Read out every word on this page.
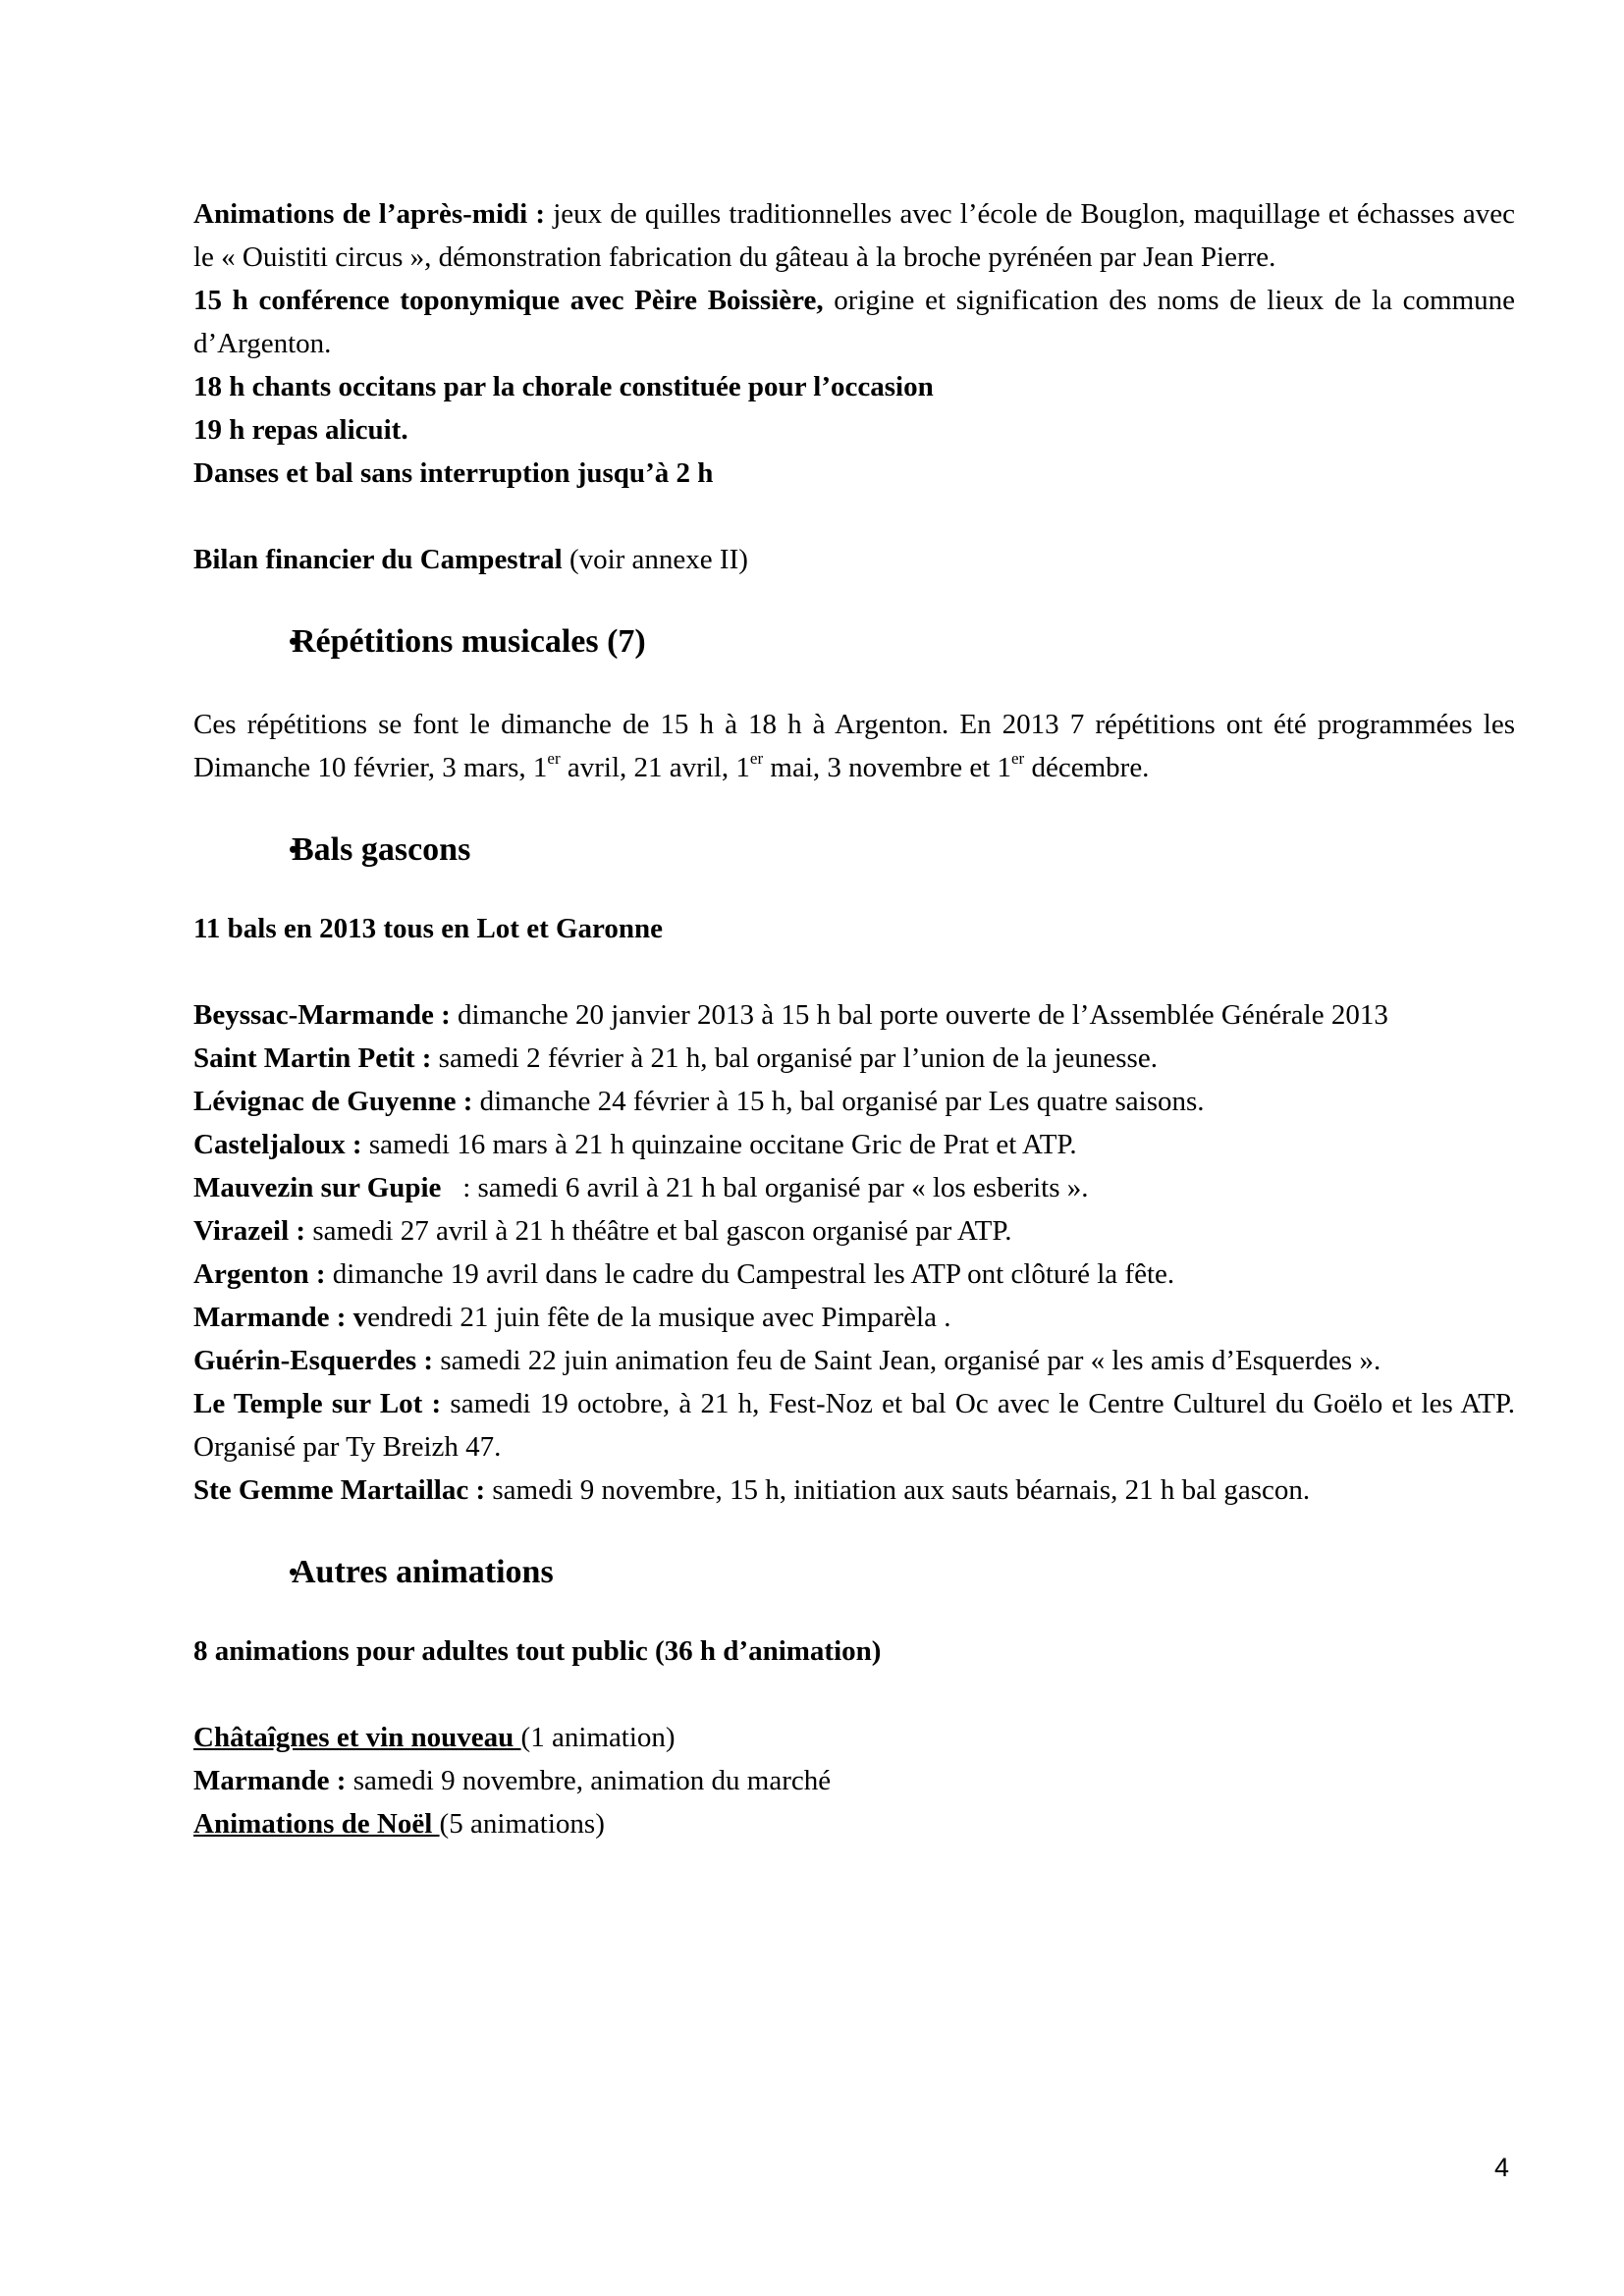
Animations de l’après-midi : jeux de quilles traditionnelles avec l’école de Bouglon, maquillage et échasses avec le « Ouistiti circus », démonstration fabrication du gâteau à la broche pyrénéen par Jean Pierre.

15 h conférence toponymique avec Pèire Boissière, origine et signification des noms de lieux de la commune d’Argenton.

18 h chants occitans par la chorale constituée pour l’occasion

19 h repas alicuit.

Danses et bal sans interruption jusqu’à 2 h

Bilan financier du Campestral (voir annexe II)

•
Répétitions musicales (7)

Ces répétitions se font le dimanche de 15 h à 18 h à Argenton. En 2013 7 répétitions ont été programmées les Dimanche 10 février, 3 mars, 1er avril, 21 avril, 1er mai, 3 novembre et 1er décembre.

•
Bals gascons

11 bals en 2013 tous en Lot et Garonne

Beyssac-Marmande : dimanche 20 janvier 2013 à 15 h bal porte ouverte de l’Assemblée Générale 2013

Saint Martin Petit : samedi 2 février à 21 h, bal organisé par l’union de la jeunesse.

Lévignac de Guyenne : dimanche 24 février à 15 h, bal organisé par Les quatre saisons.

Casteljaloux : samedi 16 mars à 21 h quinzaine occitane Gric de Prat et ATP.

Mauvezin sur Gupie   : samedi 6 avril à 21 h bal organisé par « los esberits ».

Virazeil : samedi 27 avril à 21 h théâtre et bal gascon organisé par ATP.

Argenton : dimanche 19 avril dans le cadre du Campestral les ATP ont clôturé la fête.

Marmande : vendredi 21 juin fête de la musique avec Pimparèla .

Guérin-Esquerdes : samedi 22 juin animation feu de Saint Jean, organisé par « les amis d’Esquerdes ».

Le Temple sur Lot : samedi 19 octobre, à 21 h, Fest-Noz et bal Oc avec le Centre Culturel du Goëlo et les ATP. Organisé par Ty Breizh 47.

Ste Gemme Martaillac : samedi 9 novembre, 15 h, initiation aux sauts béarnais, 21 h bal gascon.

•
Autres animations

8 animations pour adultes tout public (36 h d’animation)

Châtaîgnes et vin nouveau (1 animation)

Marmande : samedi 9 novembre, animation du marché

Animations de Noël (5 animations)

4
